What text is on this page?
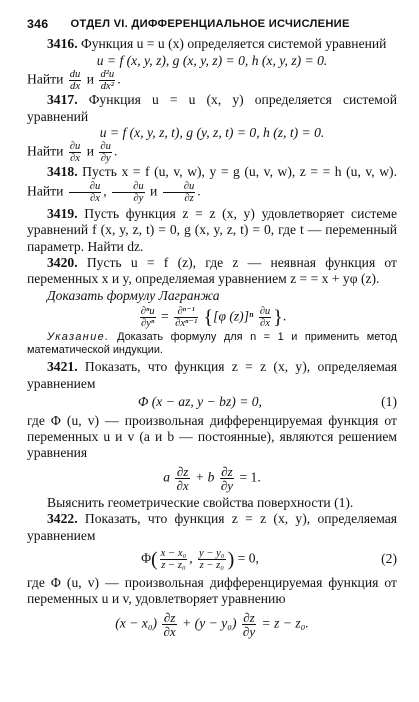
346 ОТДЕЛ VI. ДИФФЕРЕНЦИАЛЬНОЕ ИСЧИСЛЕНИЕ

3416. Функция u = u (x) определяется системой уравнений

u = f (x, y, z), g (x, y, z) = 0, h (x, y, z) = 0.

Найти $\frac{du}{dx}$ и $\frac{\text{d²u}}{\text{dx²}}$ .

3417. Функция u = u (x, y) определяется системой уравнений

u = f (x, y, z, t), g (y, z, t) = 0, h (z, t) = 0.

Найти $\frac{\partial u}{\partial x}$ и $\frac{\partial u}{\partial y}$ .

3418. Пусть x = f (u, v, w), y = g (u, v, w), z = = h (u, v, w). Найти $\frac{\partial u}{\partial x}$ , $\frac{\partial u}{\partial y}$ и $\frac{\partial u}{\partial z}$ .

3419. Пусть функция z = z (x, y) удовлетворяет системе уравнений f (x, y, z, t) = 0, g (x, y, z, t) = 0, где t — переменный параметр. Найти dz.

3420. Пусть u = f (z), где z — неявная функция от переменных x и y, определяемая уравнением z = = x + yφ (z).

Доказать формулу Лагранжа

$\frac{\text{∂ⁿu}}{\text{∂yⁿ}} = \frac{\text{∂ⁿ⁻¹}}{\text{∂xⁿ⁻¹}} \{[\varphi$ $(z)]^n \frac{\partial u}{\partial x}$ }.

Указание. Доказать формулу для n = 1 и применить метод математической индукции.

3421. Показать, что функция z = z (x, y), определяемая уравнением

Φ (x − az, y − bz) = 0,	(1)

где Φ (u, v) — произвольная дифференцируемая функция от переменных u и v (a и b — постоянные), являются решением уравнения

a $\frac{\partial z}{\partial x} + b \frac{\partial z}{\partial y} = 1$.

Выяснить геометрические свойства поверхности (1).

3422. Показать, что функция z = z (x, y), определяемая уравнением

$\Phi( \frac{\text{x − x₀}}{\text{z − z₀}}$ , $\frac{\text{y − y₀}}{\text{z − z₀}}$ ) = 0,	(2)

где Φ (u, v) — произвольная дифференцируемая функция от переменных u и v, удовлетворяет уравнению

$(x - x_0) \frac{\partial z}{\partial x} + (y - y_0) \frac{\partial z}{\partial y} = z - z_0$.
